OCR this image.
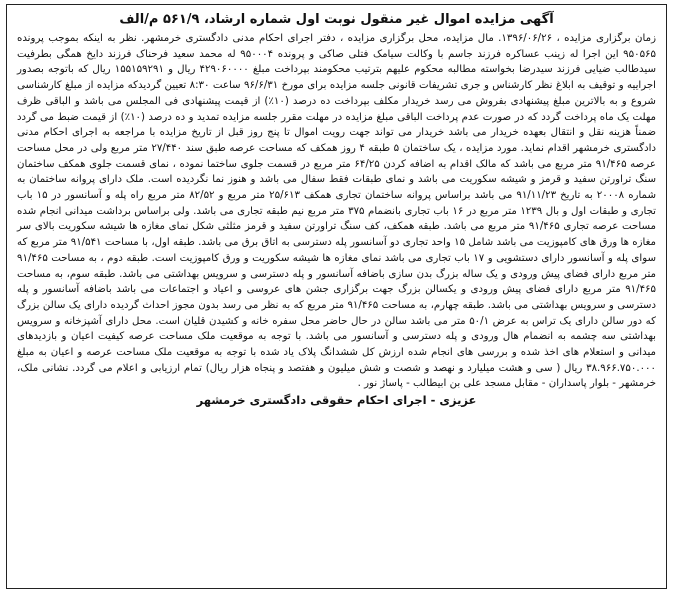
آگهی مزایده اموال غیر منقول نوبت اول شماره ارشاد، ۵۶۱/۹ م/الف

زمان برگزاری مزایده ، ۱۳۹۶/۰۶/۲۶. مال مزایده، محل برگزاری مزایده ، دفتر اجرای احکام مدنی دادگستری خرمشهر. نظر به اینکه بموجب پرونده ۹۵۰۵۶۵ این اجرا له زینب عساکره فرزند جاسم با وکالت سیامک فتلی صاکی و پرونده ۹۵۰۰۰۴ له محمد سعید فرحناک فرزند دایخ همگی بطرفیت سیدطالب ضیایی فرزند سیدرضا بخواسته مطالبه محکوم علیهم بترتیب محکومند بپرداخت مبلغ ۴۲۹۰۶۰۰۰۰ ریال و ۱۵۵۱۵۹۲۹۱ ریال که باتوجه بصدور اجراییه و توقیف به ابلاغ نظر کارشناس و جری تشریفات قانونی جلسه مزایده برای مورخ ۹۶/۶/۳۱ ساعت ۸:۳۰ تعیین گردیدکه مزایده از مبلغ کارشناسی شروع و به بالاترین مبلغ پیشنهادی بفروش می رسد خریدار مکلف بپرداخت ده درصد (۱۰٪) از قیمت پیشنهادی فی المجلس می باشد و الباقی ظرف مهلت یک ماه پرداخت گردد که در صورت عدم پرداخت الباقی مبلغ مزایده در مهلت مقرر جلسه مزایده تمدید و ده درصد (۱۰٪) از قیمت ضبط می گردد ضمناً هزینه نقل و انتقال بعهده خریدار می باشد خریدار می تواند جهت رویت اموال تا پنج روز قبل از تاریخ مزایده با مراجعه به اجرای احکام مدنی دادگستری خرمشهر اقدام نماید. مورد مزایده ، یک ساختمان ۵ طبقه ۴ روز همکف که مساحت عرصه طبق سند ۲۷/۴۴۰ متر مربع ولی در محل مساحت عرصه ۹۱/۴۶۵ متر مربع می باشد که مالک اقدام به اضافه کردن ۶۴/۲۵ متر مربع در قسمت جلوی ساختما نموده ، نمای قسمت جلوی همکف ساختمان سنگ تراورتن سفید و قرمز و شیشه سکوریت می باشد و نمای طبقات فقط سفال می باشد و هنوز نما نگردیده است. ملک دارای پروانه ساختمان به شماره ۲۰۰۰۸ به تاریخ ۹۱/۱۱/۲۳ می باشد براساس پروانه ساختمان تجاری همکف ۲۵/۶۱۳ متر مربع و ۸۲/۵۲ متر مربع راه پله و آسانسور در ۱۵ باب تجاری و طبقات اول و بال ۱۲۳۹ متر مربع در ۱۶ باب تجاری بانضمام ۳۷۵ متر مربع نیم طبقه تجاری می باشد. ولی براساس برداشت میدانی انجام شده مساحت عرصه تجاری ۹۱/۴۶۵ متر مربع می باشد. طبقه همکف، کف سنگ تراورتن سفید و قرمز مثلثی شکل نمای مغازه ها شیشه سکوریت بالای سر مغازه ها ورق های کامپوزیت می باشد شامل ۱۵ واحد تجاری دو آسانسور پله دسترسی به اتاق برق می باشد. طبقه اول، با مساحت ۹۱/۵۴۱ متر مربع که سوای پله و آسانسور دارای دستشویی و ۱۷ باب تجاری می باشد نمای مغازه ها شیشه سکوریت و ورق کامپوزیت است. طبقه دوم ، به مساحت ۹۱/۴۶۵ متر مربع دارای فضای پیش ورودی و یک ساله بزرگ بدن سازی باضافه آسانسور و پله دسترسی و سرویس بهداشتی می باشد. طبقه سوم، به مساحت ۹۱/۴۶۵ متر مربع دارای فضای پیش ورودی و یکسالن بزرگ جهت برگزاری جشن های عروسی و اعیاد و اجتماعات می باشد باضافه آسانسور و پله دسترسی و سرویس بهداشتی می باشد. طبقه چهارم، به مساحت ۹۱/۴۶۵ متر مربع که به نظر می رسد بدون مجوز احداث گردیده دارای یک سالن بزرگ که دور سالن دارای یک تراس به عرض ۵۰/۱ متر می باشد سالن در حال حاضر محل سفره خانه و کشیدن قلیان است. محل دارای آشپزخانه و سرویس بهداشتی سه چشمه به انضمام هال ورودی و پله دسترسی و آسانسور می باشد. با توجه به موقعیت ملک مساحت عرصه کیفیت اعیان و بازدیدهای میدانی و استعلام های اخذ شده و بررسی های انجام شده ارزش کل ششدانگ پلاک یاد شده با توجه به موقعیت ملک مساحت عرصه و اعیان به مبلغ ۳۸.۹۶۶.۷۵۰.۰۰۰ ریال ( سی و هشت میلیارد و نهصد و شصت و شش میلیون و هفتصد و پنجاه هزار ریال) تمام ارزیابی و اعلام می گردد. نشانی ملک، خرمشهر - بلوار پاسداران - مقابل مسجد علی بن ابیطالب - پاساژ نور .

عزیزی - اجرای احکام حقوقی دادگستری خرمشهر
